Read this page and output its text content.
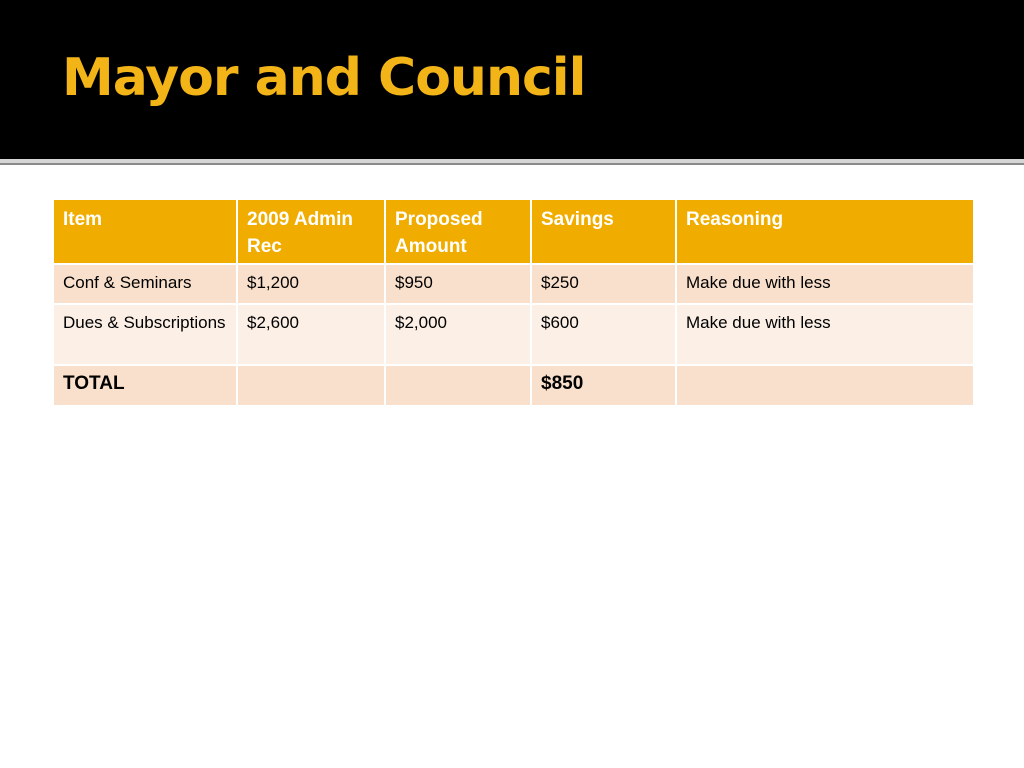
Mayor and Council
Item	2009 Admin Rec	Proposed Amount	Savings	Reasoning
Conf & Seminars	$1,200	$950	$250	Make due with less
Dues & Subscriptions	$2,600	$2,000	$600	Make due with less
TOTAL			$850	
